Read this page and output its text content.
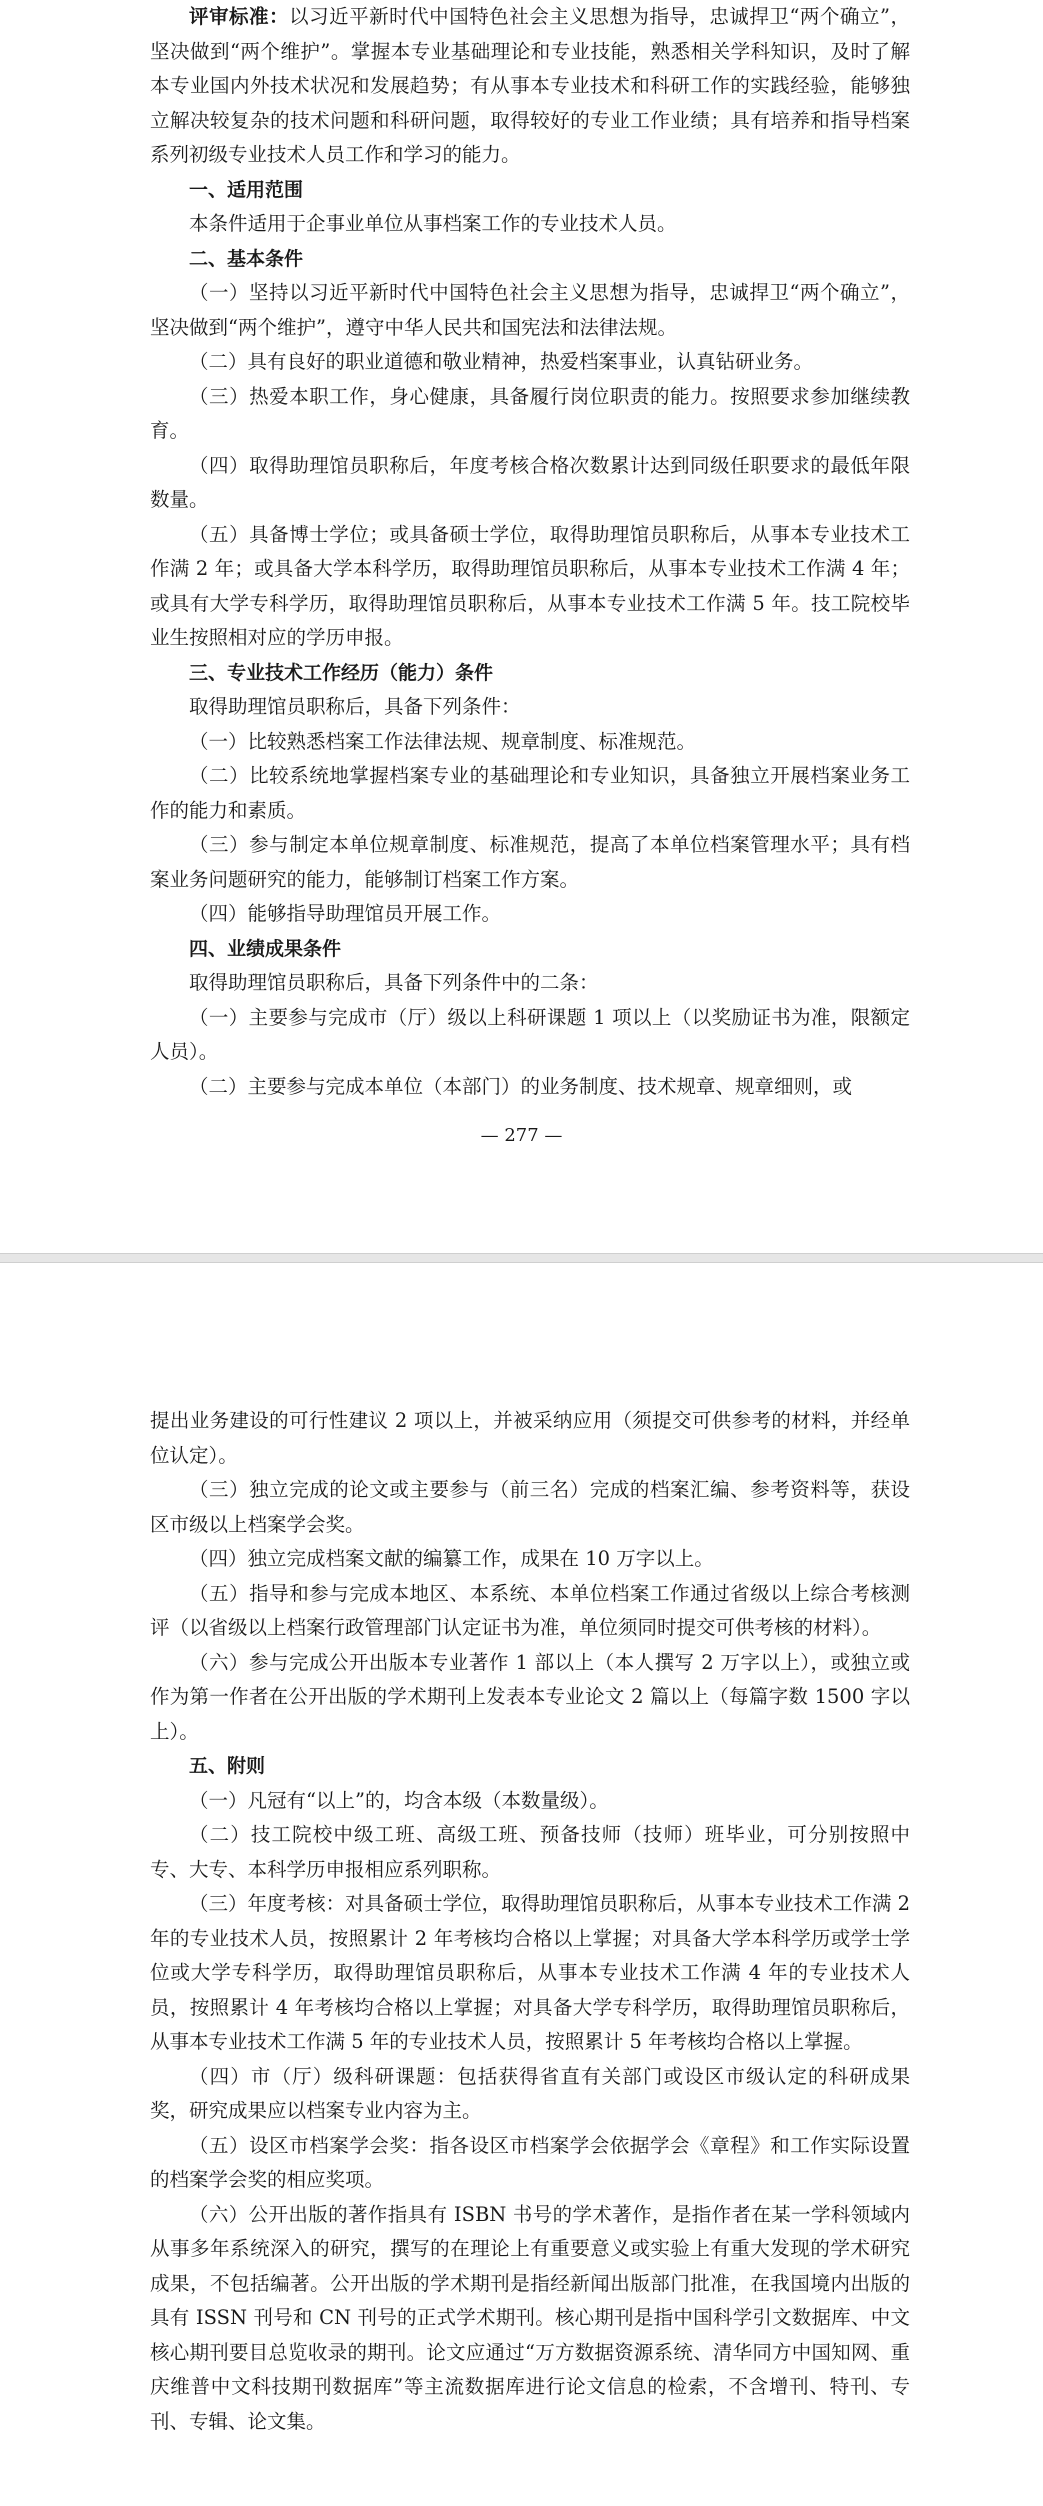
评审标准：以习近平新时代中国特色社会主义思想为指导，忠诚捍卫“两个确立”，坚决做到“两个维护”。掌握本专业基础理论和专业技能，熟悉相关学科知识，及时了解本专业国内外技术状况和发展趋势；有从事本专业技术和科研工作的实践经验，能够独立解决较复杂的技术问题和科研问题，取得较好的专业工作业绩；具有培养和指导档案系列初级专业技术人员工作和学习的能力。

一、适用范围

本条件适用于企事业单位从事档案工作的专业技术人员。

二、基本条件

（一）坚持以习近平新时代中国特色社会主义思想为指导，忠诚捍卫“两个确立”，坚决做到“两个维护”，遵守中华人民共和国宪法和法律法规。

（二）具有良好的职业道德和敬业精神，热爱档案事业，认真钻研业务。

（三）热爱本职工作，身心健康，具备履行岗位职责的能力。按照要求参加继续教育。

（四）取得助理馆员职称后，年度考核合格次数累计达到同级任职要求的最低年限数量。

（五）具备博士学位；或具备硕士学位，取得助理馆员职称后，从事本专业技术工作满 2 年；或具备大学本科学历，取得助理馆员职称后，从事本专业技术工作满 4 年；或具有大学专科学历，取得助理馆员职称后，从事本专业技术工作满 5 年。技工院校毕业生按照相对应的学历申报。

三、专业技术工作经历（能力）条件

取得助理馆员职称后，具备下列条件：

（一）比较熟悉档案工作法律法规、规章制度、标准规范。

（二）比较系统地掌握档案专业的基础理论和专业知识，具备独立开展档案业务工作的能力和素质。

（三）参与制定本单位规章制度、标准规范，提高了本单位档案管理水平；具有档案业务问题研究的能力，能够制订档案工作方案。

（四）能够指导助理馆员开展工作。

四、业绩成果条件

取得助理馆员职称后，具备下列条件中的二条：

（一）主要参与完成市（厅）级以上科研课题 1 项以上（以奖励证书为准，限额定人员）。

（二）主要参与完成本单位（本部门）的业务制度、技术规章、规章细则，或

— 277 —

提出业务建设的可行性建议 2 项以上，并被采纳应用（须提交可供参考的材料，并经单位认定）。

（三）独立完成的论文或主要参与（前三名）完成的档案汇编、参考资料等，获设区市级以上档案学会奖。

（四）独立完成档案文献的编纂工作，成果在 10 万字以上。

（五）指导和参与完成本地区、本系统、本单位档案工作通过省级以上综合考核测评（以省级以上档案行政管理部门认定证书为准，单位须同时提交可供考核的材料）。

（六）参与完成公开出版本专业著作 1 部以上（本人撰写 2 万字以上），或独立或作为第一作者在公开出版的学术期刊上发表本专业论文 2 篇以上（每篇字数 1500 字以上）。

五、附则

（一）凡冠有“以上”的，均含本级（本数量级）。

（二）技工院校中级工班、高级工班、预备技师（技师）班毕业，可分别按照中专、大专、本科学历申报相应系列职称。

（三）年度考核：对具备硕士学位，取得助理馆员职称后，从事本专业技术工作满 2 年的专业技术人员，按照累计 2 年考核均合格以上掌握；对具备大学本科学历或学士学位或大学专科学历，取得助理馆员职称后，从事本专业技术工作满 4 年的专业技术人员，按照累计 4 年考核均合格以上掌握；对具备大学专科学历，取得助理馆员职称后，从事本专业技术工作满 5 年的专业技术人员，按照累计 5 年考核均合格以上掌握。

（四）市（厅）级科研课题：包括获得省直有关部门或设区市级认定的科研成果奖，研究成果应以档案专业内容为主。

（五）设区市档案学会奖：指各设区市档案学会依据学会《章程》和工作实际设置的档案学会奖的相应奖项。

（六）公开出版的著作指具有 ISBN 书号的学术著作，是指作者在某一学科领域内从事多年系统深入的研究，撰写的在理论上有重要意义或实验上有重大发现的学术研究成果，不包括编著。公开出版的学术期刊是指经新闻出版部门批准，在我国境内出版的具有 ISSN 刊号和 CN 刊号的正式学术期刊。核心期刊是指中国科学引文数据库、中文核心期刊要目总览收录的期刊。论文应通过“万方数据资源系统、清华同方中国知网、重庆维普中文科技期刊数据库”等主流数据库进行论文信息的检索，不含增刊、特刊、专刊、专辑、论文集。
